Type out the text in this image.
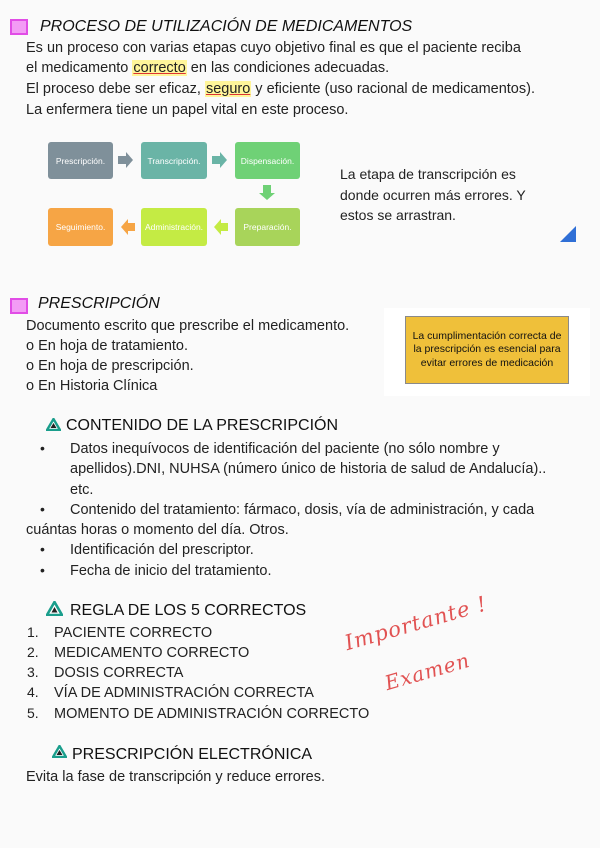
PROCESO DE UTILIZACIÓN DE MEDICAMENTOS
Es un proceso con varias etapas cuyo objetivo final es que el paciente reciba
el medicamento correcto en las condiciones adecuadas.
El proceso debe ser eficaz, seguro y eficiente (uso racional de medicamentos).
La enfermera tiene un papel vital en este proceso.
Prescripción.	Transcripción.	Dispensación.
Preparación.
Administración.
Seguimiento.
La etapa de transcripción es
donde ocurren más errores. Y
estos se arrastran.
PRESCRIPCIÓN
Documento escrito que prescribe el medicamento.
o En hoja de tratamiento.
o En hoja de prescripción.
o En Historia Clínica
La cumplimentación correcta de la prescripción es esencial para evitar errores de medicación
CONTENIDO DE LA PRESCRIPCIÓN
• Datos inequívocos de identificación del paciente (no sólo nombre y
apellidos).DNI, NUHSA (número único de historia de salud de Andalucía)..
etc.
• Contenido del tratamiento: fármaco, dosis, vía de administración, y cada
cuántas horas o momento del día. Otros.
• Identificación del prescriptor.
• Fecha de inicio del tratamiento.
REGLA DE LOS 5 CORRECTOS
1. PACIENTE CORRECTO
2. MEDICAMENTO CORRECTO
3. DOSIS CORRECTA
4. VÍA DE ADMINISTRACIÓN CORRECTA
5. MOMENTO DE ADMINISTRACIÓN CORRECTO
Importante !
Examen
PRESCRIPCIÓN ELECTRÓNICA
Evita la fase de transcripción y reduce errores.
